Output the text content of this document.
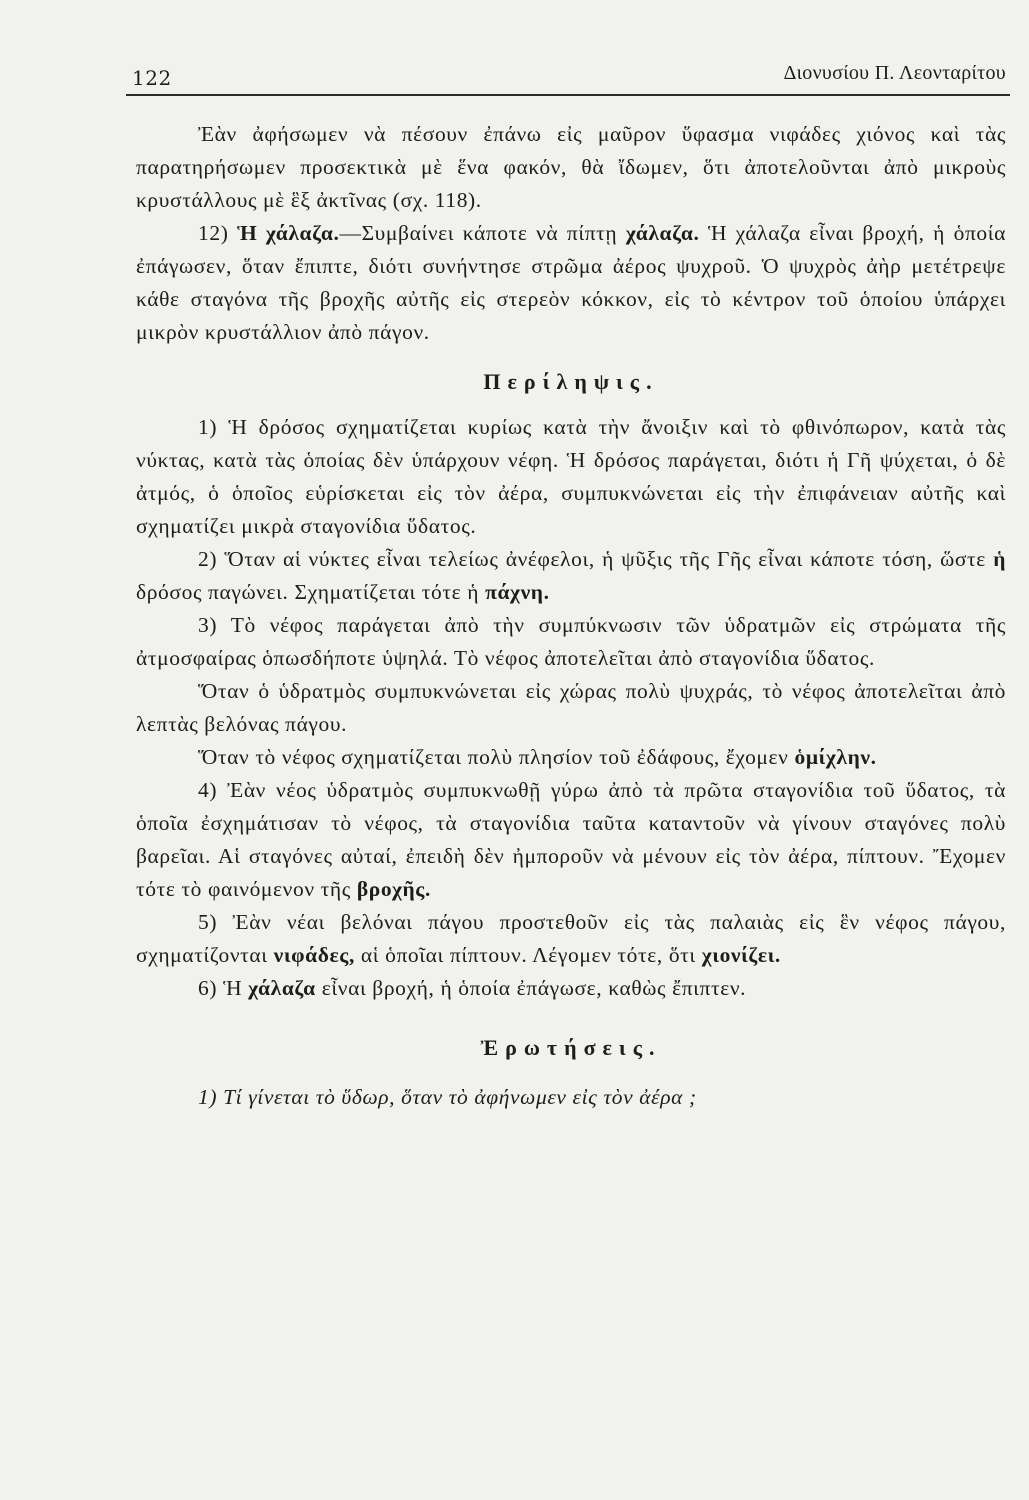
122	Διονυσίου Π. Λεονταρίτου

Ἐὰν ἀφήσωμεν νὰ πέσουν ἐπάνω εἰς μαῦρον ὕφασμα νιφάδες χιόνος καὶ τὰς παρατηρήσωμεν προσεκτικὰ μὲ ἕνα φακόν, θὰ ἴδωμεν, ὅτι ἀποτελοῦνται ἀπὸ μικροὺς κρυστάλλους μὲ ἓξ ἀκτῖνας (σχ. 118).

12) Ἡ χάλαζα.—Συμβαίνει κάποτε νὰ πίπτῃ χάλαζα. Ἡ χάλαζα εἶναι βροχή, ἡ ὁποία ἐπάγωσεν, ὅταν ἔπιπτε, διότι συνήντησε στρῶμα ἀέρος ψυχροῦ. Ὁ ψυχρὸς ἀὴρ μετέτρεψε κάθε σταγόνα τῆς βροχῆς αὐτῆς εἰς στερεὸν κόκκον, εἰς τὸ κέντρον τοῦ ὁποίου ὑπάρχει μικρὸν κρυστάλλιον ἀπὸ πάγον.

Περίληψις.

1) Ἡ δρόσος σχηματίζεται κυρίως κατὰ τὴν ἄνοιξιν καὶ τὸ φθινόπωρον, κατὰ τὰς νύκτας, κατὰ τὰς ὁποίας δὲν ὑπάρχουν νέφη. Ἡ δρόσος παράγεται, διότι ἡ Γῆ ψύχεται, ὁ δὲ ἀτμός, ὁ ὁποῖος εὑρίσκεται εἰς τὸν ἀέρα, συμπυκνώνεται εἰς τὴν ἐπιφάνειαν αὐτῆς καὶ σχηματίζει μικρὰ σταγονίδια ὕδατος.

2) Ὅταν αἱ νύκτες εἶναι τελείως ἀνέφελοι, ἡ ψῦξις τῆς Γῆς εἶναι κάποτε τόση, ὥστε ἡ δρόσος παγώνει. Σχηματίζεται τότε ἡ πάχνη.

3) Τὸ νέφος παράγεται ἀπὸ τὴν συμπύκνωσιν τῶν ὑδρατμῶν εἰς στρώματα τῆς ἀτμοσφαίρας ὁπωσδήποτε ὑψηλά. Τὸ νέφος ἀποτελεῖται ἀπὸ σταγονίδια ὕδατος.

Ὅταν ὁ ὑδρατμὸς συμπυκνώνεται εἰς χώρας πολὺ ψυχράς, τὸ νέφος ἀποτελεῖται ἀπὸ λεπτὰς βελόνας πάγου.

Ὅταν τὸ νέφος σχηματίζεται πολὺ πλησίον τοῦ ἐδάφους, ἔχομεν ὁμίχλην.

4) Ἐὰν νέος ὑδρατμὸς συμπυκνωθῇ γύρω ἀπὸ τὰ πρῶτα σταγονίδια τοῦ ὕδατος, τὰ ὁποῖα ἐσχημάτισαν τὸ νέφος, τὰ σταγονίδια ταῦτα καταντοῦν νὰ γίνουν σταγόνες πολὺ βαρεῖαι. Αἱ σταγόνες αὐταί, ἐπειδὴ δὲν ἠμποροῦν νὰ μένουν εἰς τὸν ἀέρα, πίπτουν. Ἔχομεν τότε τὸ φαινόμενον τῆς βροχῆς.

5) Ἐὰν νέαι βελόναι πάγου προστεθοῦν εἰς τὰς παλαιὰς εἰς ἓν νέφος πάγου, σχηματίζονται νιφάδες, αἱ ὁποῖαι πίπτουν. Λέγομεν τότε, ὅτι χιονίζει.

6) Ἡ χάλαζα εἶναι βροχή, ἡ ὁποία ἐπάγωσε, καθὼς ἔπιπτεν.

Ἐρωτήσεις.

1) Τί γίνεται τὸ ὕδωρ, ὅταν τὸ ἀφήνωμεν εἰς τὸν ἀέρα ;
